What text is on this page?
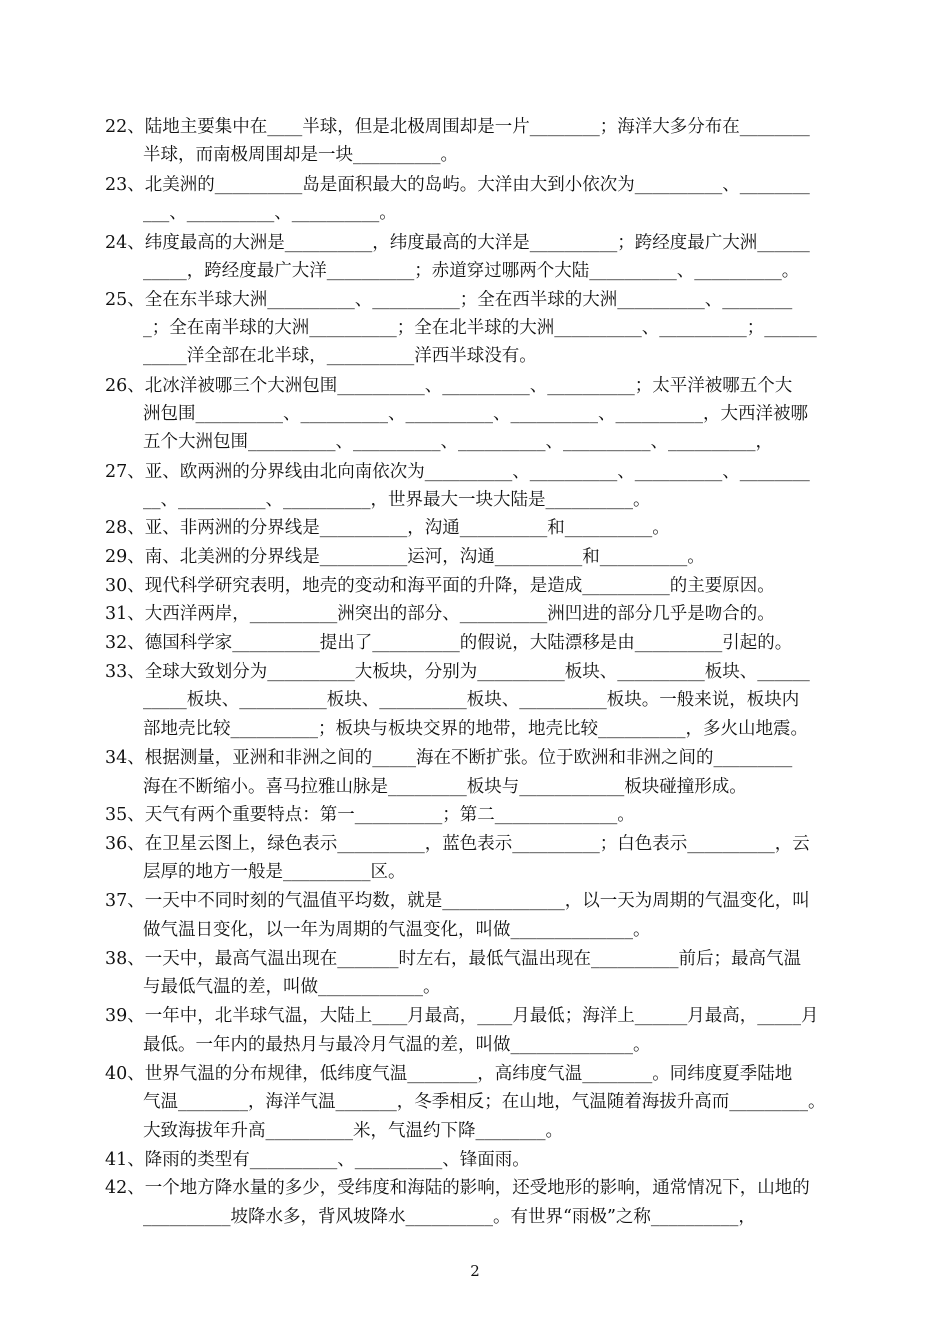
22、陆地主要集中在____半球，但是北极周围却是一片________；海洋大多分布在________
半球，而南极周围却是一块__________。
23、北美洲的__________岛是面积最大的岛屿。大洋由大到小依次为__________、________
___、__________、__________。
24、纬度最高的大洲是__________，纬度最高的大洋是__________；跨经度最广大洲______
_____，跨经度最广大洋__________；赤道穿过哪两个大陆__________、__________。
25、全在东半球大洲__________、__________；全在西半球的大洲__________、________
_；全在南半球的大洲__________；全在北半球的大洲__________、__________；______
_____洋全部在北半球，__________洋西半球没有。
26、北冰洋被哪三个大洲包围__________、__________、__________；太平洋被哪五个大
洲包围__________、__________、__________、__________、__________，大西洋被哪
五个大洲包围__________、__________、__________、__________、__________，
27、亚、欧两洲的分界线由北向南依次为__________、__________、__________、________
__、__________、__________，世界最大一块大陆是__________。
28、亚、非两洲的分界线是__________，沟通__________和__________。
29、南、北美洲的分界线是__________运河，沟通__________和__________。
30、现代科学研究表明，地壳的变动和海平面的升降，是造成__________的主要原因。
31、大西洋两岸，__________洲突出的部分、__________洲凹进的部分几乎是吻合的。
32、德国科学家__________提出了__________的假说，大陆漂移是由__________引起的。
33、全球大致划分为__________大板块，分别为__________板块、__________板块、______
_____板块、__________板块、__________板块、__________板块。一般来说，板块内
部地壳比较__________；板块与板块交界的地带，地壳比较__________，多火山地震。
34、根据测量，亚洲和非洲之间的_____海在不断扩张。位于欧洲和非洲之间的_________
海在不断缩小。喜马拉雅山脉是_________板块与____________板块碰撞形成。
35、天气有两个重要特点：第一__________；第二______________。
36、在卫星云图上，绿色表示__________，蓝色表示__________；白色表示__________，云
层厚的地方一般是__________区。
37、一天中不同时刻的气温值平均数，就是______________，以一天为周期的气温变化，叫
做气温日变化，以一年为周期的气温变化，叫做______________。
38、一天中，最高气温出现在_______时左右，最低气温出现在__________前后；最高气温
与最低气温的差，叫做____________。
39、一年中，北半球气温，大陆上____月最高，____月最低；海洋上______月最高，_____月
最低。一年内的最热月与最冷月气温的差，叫做______________。
40、世界气温的分布规律，低纬度气温________，高纬度气温________。同纬度夏季陆地
气温________，海洋气温_______，冬季相反；在山地，气温随着海拔升高而_________。
大致海拔年升高__________米，气温约下降________。
41、降雨的类型有__________、__________、锋面雨。
42、一个地方降水量的多少，受纬度和海陆的影响，还受地形的影响，通常情况下，山地的
__________坡降水多，背风坡降水__________。有世界“雨极”之称__________，
2
